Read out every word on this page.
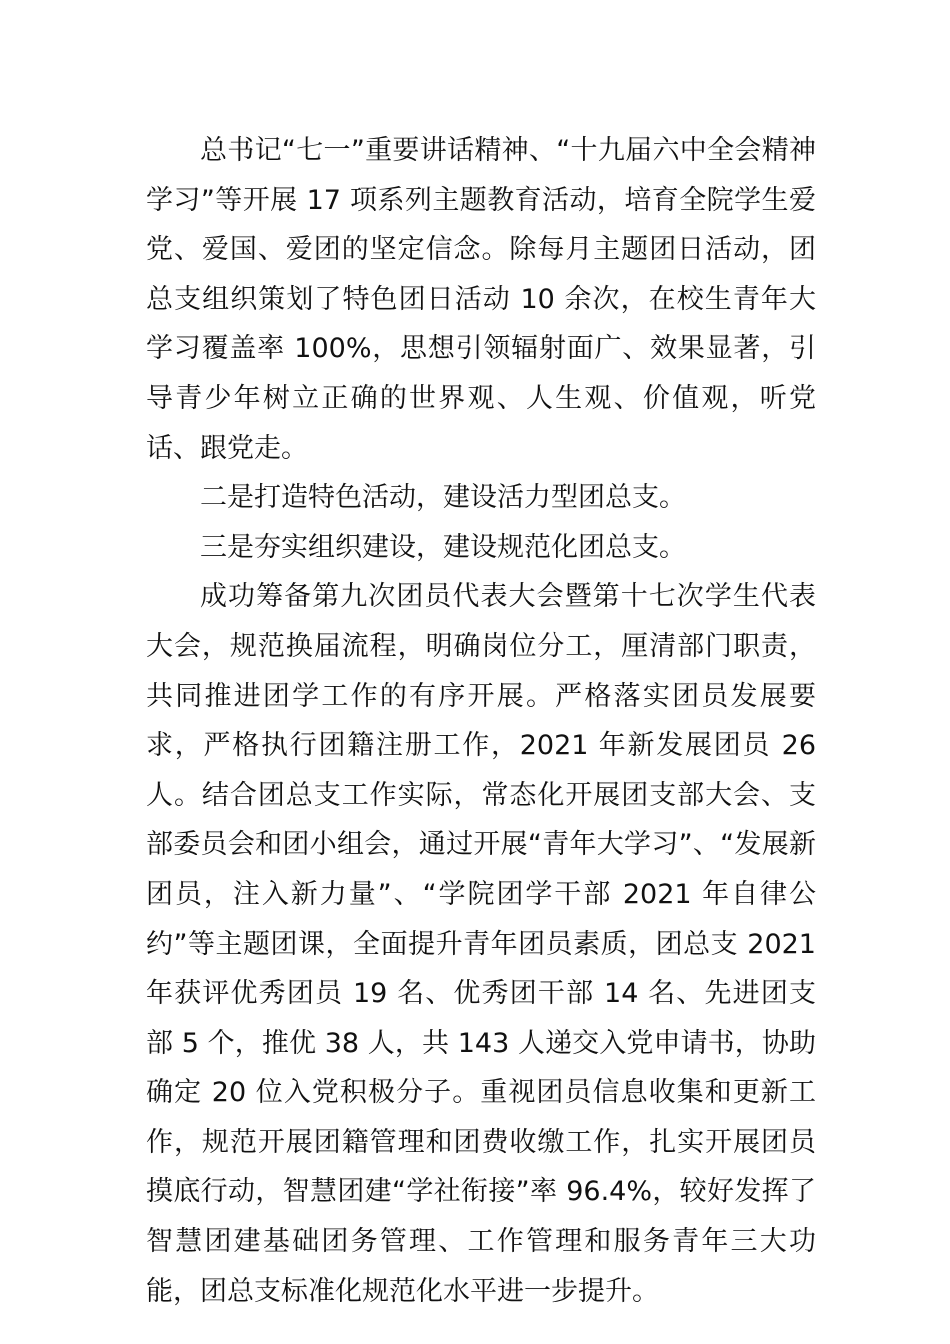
总书记“七一”重要讲话精神、“十九届六中全会精神学习”等开展 17 项系列主题教育活动，培育全院学生爱党、爱国、爱团的坚定信念。除每月主题团日活动，团总支组织策划了特色团日活动 10 余次，在校生青年大学习覆盖率 100%，思想引领辐射面广、效果显著，引导青少年树立正确的世界观、人生观、价值观，听党话、跟党走。

二是打造特色活动，建设活力型团总支。

三是夯实组织建设，建设规范化团总支。

成功筹备第九次团员代表大会暨第十七次学生代表大会，规范换届流程，明确岗位分工，厘清部门职责，共同推进团学工作的有序开展。严格落实团员发展要求，严格执行团籍注册工作，2021 年新发展团员 26 人。结合团总支工作实际，常态化开展团支部大会、支部委员会和团小组会，通过开展“青年大学习”、“发展新团员，注入新力量”、“学院团学干部 2021 年自律公约”等主题团课，全面提升青年团员素质，团总支 2021 年获评优秀团员 19 名、优秀团干部 14 名、先进团支部 5 个，推优 38 人，共 143 人递交入党申请书，协助确定 20 位入党积极分子。重视团员信息收集和更新工作，规范开展团籍管理和团费收缴工作，扎实开展团员摸底行动，智慧团建“学社衔接”率 96.4%，较好发挥了智慧团建基础团务管理、工作管理和服务青年三大功能，团总支标准化规范化水平进一步提升。
